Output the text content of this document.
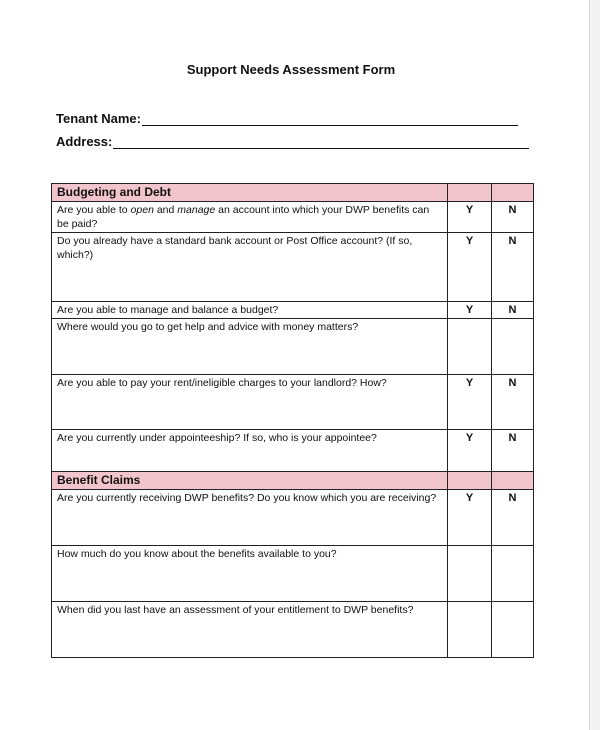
Support Needs Assessment Form
Tenant Name:
Address:
Budgeting and Debt		
Are you able to open and manage an account into which your DWP benefits can be paid?	Y	N
Do you already have a standard bank account or Post Office account? (If so, which?)	Y	N
Are you able to manage and balance a budget?	Y	N
Where would you go to get help and advice with money matters?		
Are you able to pay your rent/ineligible charges to your landlord? How?	Y	N
Are you currently under appointeeship? If so, who is your appointee?	Y	N
Benefit Claims		
Are you currently receiving DWP benefits? Do you know which you are receiving?	Y	N
How much do you know about the benefits available to you?		
When did you last have an assessment of your entitlement to DWP benefits?		
